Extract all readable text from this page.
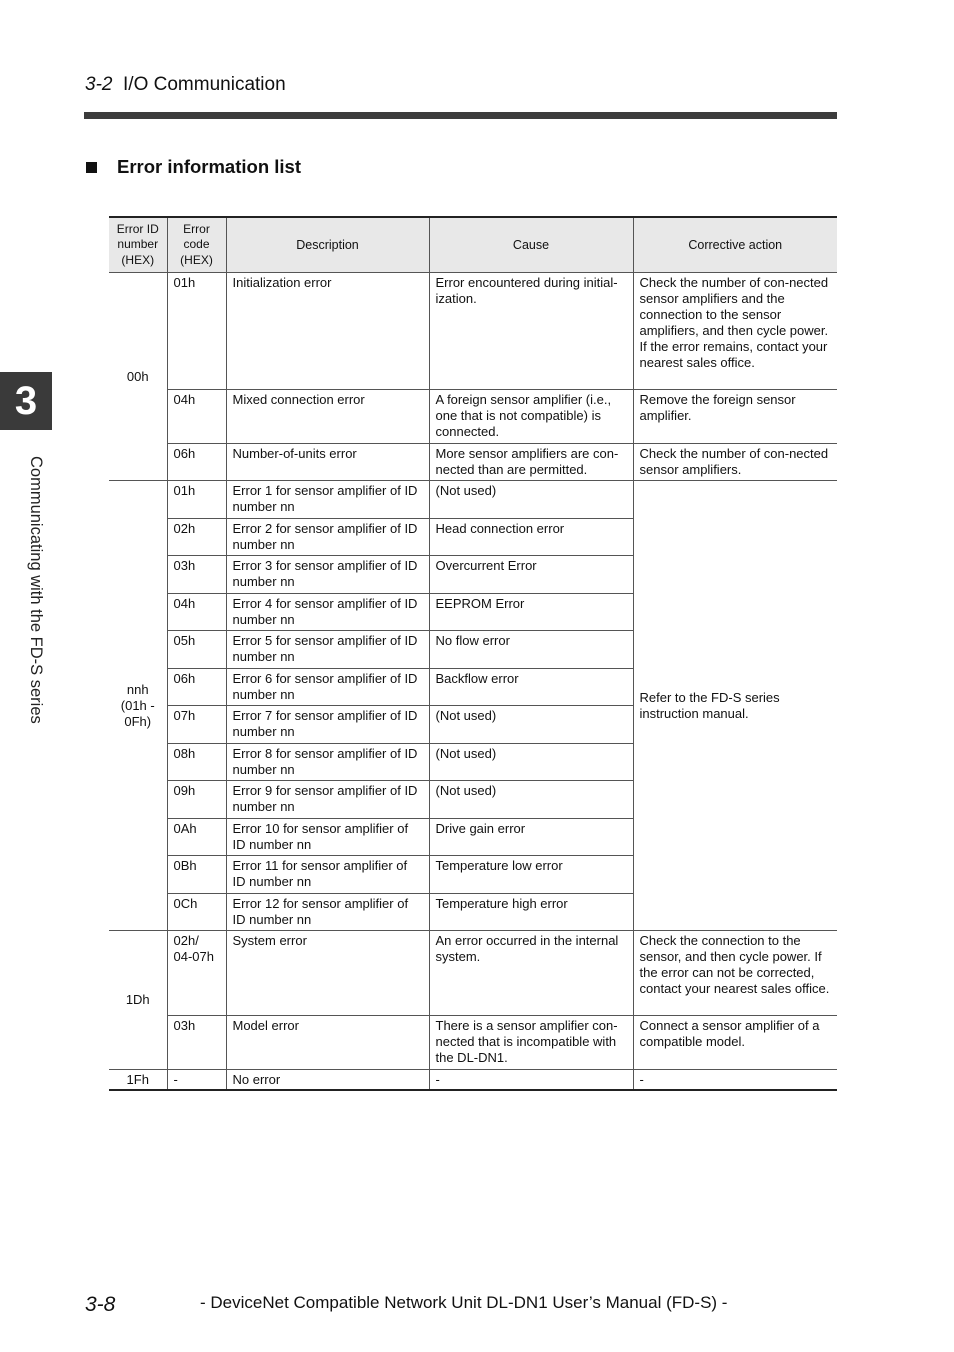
3-2 I/O Communication
Error information list
3
Communicating with the FD-S series
Error ID number (HEX)	Error code (HEX)	Description	Cause	Corrective action
00h	01h	Initialization error	Error encountered during initial-ization.	Check the number of con-nected sensor amplifiers and the connection to the sensor amplifiers, and then cycle power. If the error remains, contact your nearest sales office.
	04h	Mixed connection error	A foreign sensor amplifier (i.e., one that is not compatible) is connected.	Remove the foreign sensor amplifier.
	06h	Number-of-units error	More sensor amplifiers are con-nected than are permitted.	Check the number of con-nected sensor amplifiers.
nnh
(01h -
0Fh)	01h	Error 1 for sensor amplifier of ID number nn	(Not used)	Refer to the FD-S series instruction manual.
	02h	Error 2 for sensor amplifier of ID number nn	Head connection error	
	03h	Error 3 for sensor amplifier of ID number nn	Overcurrent Error	
	04h	Error 4 for sensor amplifier of ID number nn	EEPROM Error	
	05h	Error 5 for sensor amplifier of ID number nn	No flow error	
	06h	Error 6 for sensor amplifier of ID number nn	Backflow error	
	07h	Error 7 for sensor amplifier of ID number nn	(Not used)	
	08h	Error 8 for sensor amplifier of ID number nn	(Not used)	
	09h	Error 9 for sensor amplifier of ID number nn	(Not used)	
	0Ah	Error 10 for sensor amplifier of ID number nn	Drive gain error	
	0Bh	Error 11 for sensor amplifier of ID number nn	Temperature low error	
	0Ch	Error 12 for sensor amplifier of ID number nn	Temperature high error	
1Dh	02h/
04-07h	System error	An error occurred in the internal system.	Check the connection to the sensor, and then cycle power. If the error can not be corrected, contact your nearest sales office.
	03h	Model error	There is a sensor amplifier con-nected that is incompatible with the DL-DN1.	Connect a sensor amplifier of a compatible model.
1Fh	-	No error	-	-
3-8	- DeviceNet Compatible Network Unit DL-DN1 User’s Manual (FD-S) -
